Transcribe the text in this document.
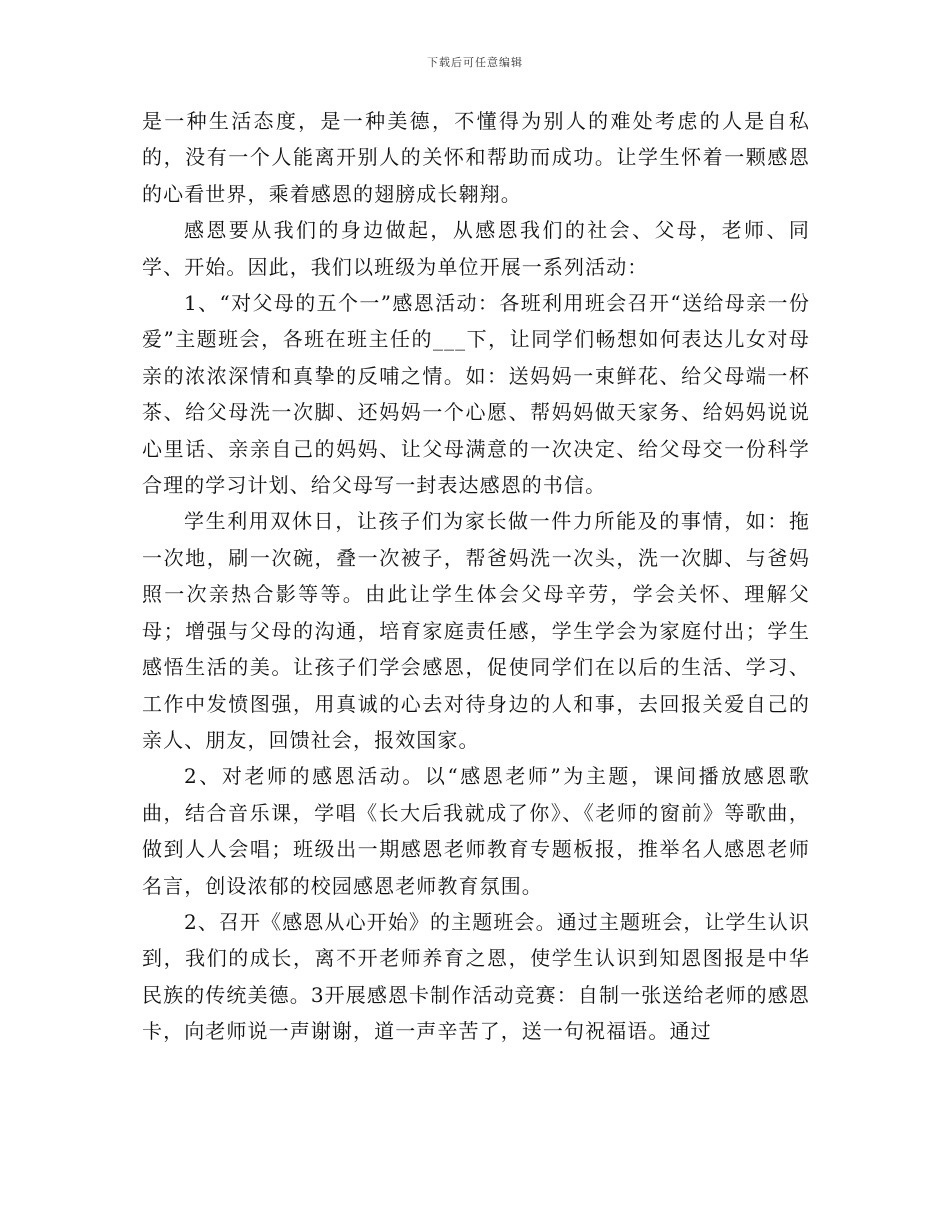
下载后可任意编辑

是一种生活态度，是一种美德，不懂得为别人的难处考虑的人是自私的，没有一个人能离开别人的关怀和帮助而成功。让学生怀着一颗感恩的心看世界，乘着感恩的翅膀成长翱翔。

感恩要从我们的身边做起，从感恩我们的社会、父母，老师、同学、开始。因此，我们以班级为单位开展一系列活动：

1、“对父母的五个一”感恩活动：各班利用班会召开“送给母亲一份爱”主题班会，各班在班主任的___下，让同学们畅想如何表达儿女对母亲的浓浓深情和真挚的反哺之情。如：送妈妈一束鲜花、给父母端一杯茶、给父母洗一次脚、还妈妈一个心愿、帮妈妈做天家务、给妈妈说说心里话、亲亲自己的妈妈、让父母满意的一次决定、给父母交一份科学合理的学习计划、给父母写一封表达感恩的书信。

学生利用双休日，让孩子们为家长做一件力所能及的事情，如：拖一次地，刷一次碗，叠一次被子，帮爸妈洗一次头，洗一次脚、与爸妈照一次亲热合影等等。由此让学生体会父母辛劳，学会关怀、理解父母；增强与父母的沟通，培育家庭责任感，学生学会为家庭付出；学生感悟生活的美。让孩子们学会感恩，促使同学们在以后的生活、学习、工作中发愤图强，用真诚的心去对待身边的人和事，去回报关爱自己的亲人、朋友，回馈社会，报效国家。

2、对老师的感恩活动。以“感恩老师”为主题，课间播放感恩歌曲，结合音乐课，学唱《长大后我就成了你》、《老师的窗前》等歌曲，做到人人会唱；班级出一期感恩老师教育专题板报，推举名人感恩老师名言，创设浓郁的校园感恩老师教育氛围。

2、召开《感恩从心开始》的主题班会。通过主题班会，让学生认识到，我们的成长，离不开老师养育之恩，使学生认识到知恩图报是中华民族的传统美德。3开展感恩卡制作活动竞赛：自制一张送给老师的感恩卡，向老师说一声谢谢，道一声辛苦了，送一句祝福语。通过
